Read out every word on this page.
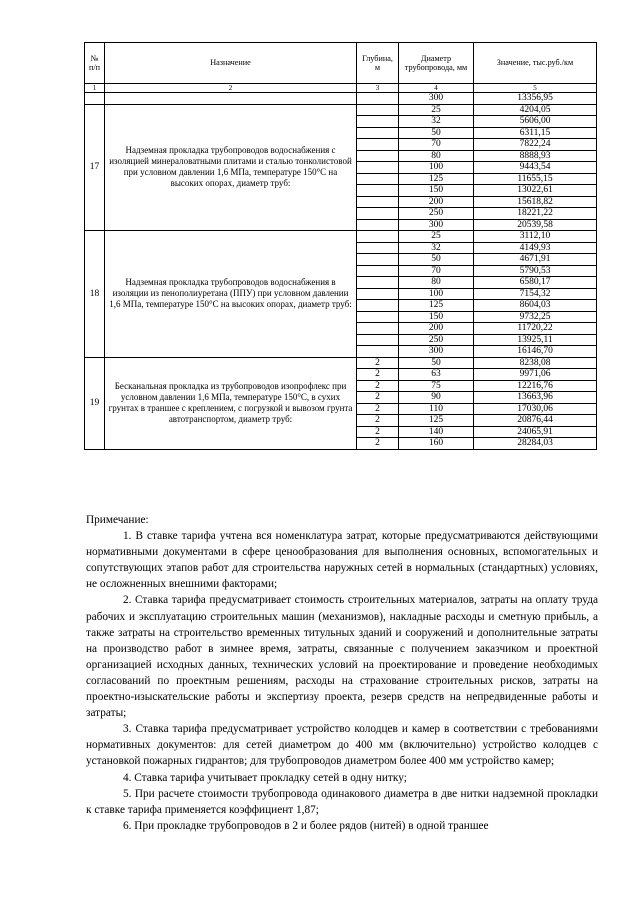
№ п/п	Назначение	Глубина, м	Диаметр трубопровода, мм	Значение, тыс.руб./км
1	2	3	4	5
			300	13356,95
17	Надземная прокладка трубопроводов водоснабжения с изоляцией минераловатными плитами и сталью тонколистовой при условном давлении 1,6 МПа, температуре 150°С на высоких опорах, диаметр труб:		25	4204,05
			32	5606,00
			50	6311,15
			70	7822,24
			80	8888,93
			100	9443,54
			125	11655,15
			150	13022,61
			200	15618,82
			250	18221,22
			300	20539,58
18	Надземная прокладка трубопроводов водоснабжения в изоляции из пенополиуретана (ППУ) при условном давлении 1,6 МПа, температуре 150°С на высоких опорах, диаметр труб:		25	3112,10
			32	4149,93
			50	4671,91
			70	5790,53
			80	6580,17
			100	7154,32
			125	8604,03
			150	9732,25
			200	11720,22
			250	13925,11
			300	16146,70
19	Бесканальная прокладка из трубопроводов изопрофлекс при условном давлении 1,6 МПа, температуре 150°С, в сухих грунтах в траншее с креплением, с погрузкой и вывозом грунта автотранспортом, диаметр труб:	2	50	8238,08
		2	63	9971,06
		2	75	12216,76
		2	90	13663,96
		2	110	17030,06
		2	125	20876,44
		2	140	24065,91
		2	160	28284,03
Примечание:

1. В ставке тарифа учтена вся номенклатура затрат, которые предусматриваются действующими нормативными документами в сфере ценообразования для выполнения основных, вспомогательных и сопутствующих этапов работ для строительства наружных сетей в нормальных (стандартных) условиях, не осложненных внешними факторами;

2. Ставка тарифа предусматривает стоимость строительных материалов, затраты на оплату труда рабочих и эксплуатацию строительных машин (механизмов), накладные расходы и сметную прибыль, а также затраты на строительство временных титульных зданий и сооружений и дополнительные затраты на производство работ в зимнее время, затраты, связанные с получением заказчиком и проектной организацией исходных данных, технических условий на проектирование и проведение необходимых согласований по проектным решениям, расходы на страхование строительных рисков, затраты на проектно-изыскательские работы и экспертизу проекта, резерв средств на непредвиденные работы и затраты;

3. Ставка тарифа предусматривает устройство колодцев и камер в соответствии с требованиями нормативных документов: для сетей диаметром до 400 мм (включительно) устройство колодцев с установкой пожарных гидрантов; для трубопроводов диаметром более 400 мм устройство камер;

4. Ставка тарифа учитывает прокладку сетей в одну нитку;

5. При расчете стоимости трубопровода одинакового диаметра в две нитки надземной прокладки к ставке тарифа применяется коэффициент 1,87;

6. При прокладке трубопроводов в 2 и более рядов (нитей) в одной траншее
